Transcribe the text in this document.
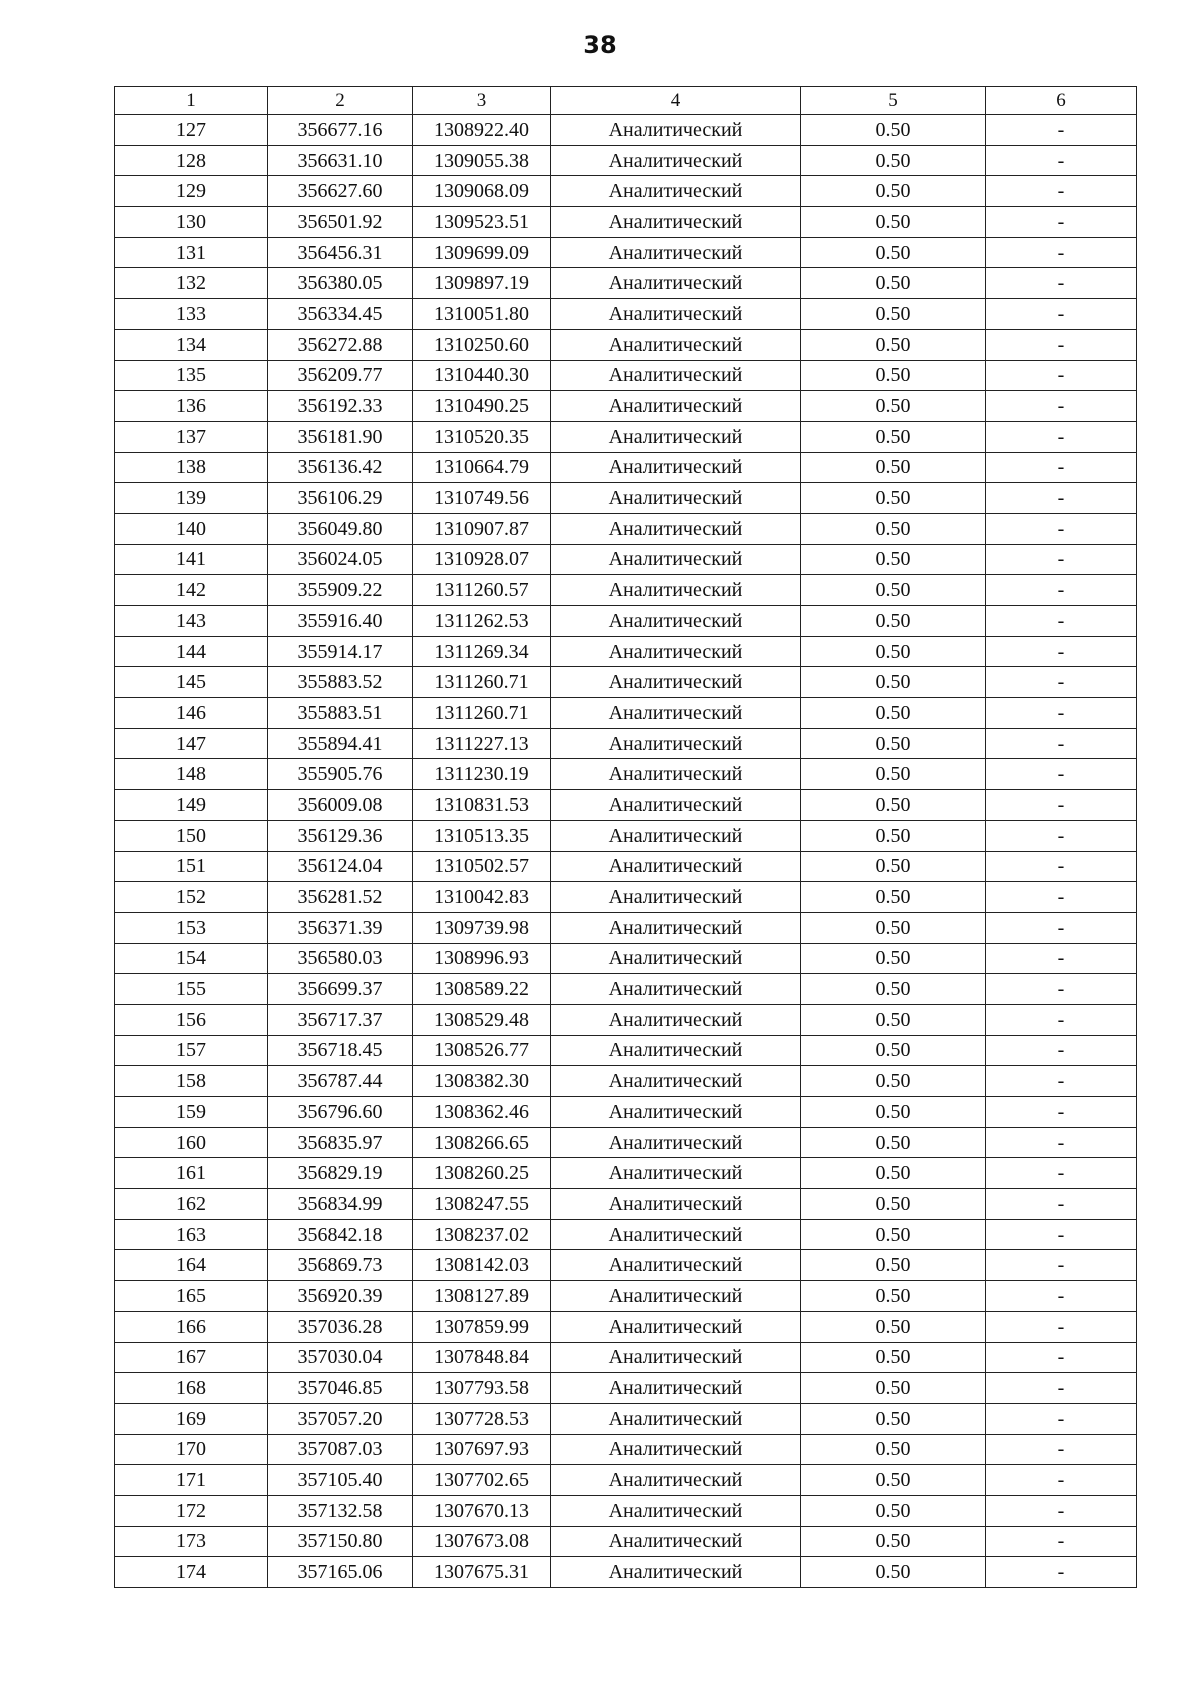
38
1	2	3	4	5	6
127	356677.16	1308922.40	Аналитический	0.50	-
128	356631.10	1309055.38	Аналитический	0.50	-
129	356627.60	1309068.09	Аналитический	0.50	-
130	356501.92	1309523.51	Аналитический	0.50	-
131	356456.31	1309699.09	Аналитический	0.50	-
132	356380.05	1309897.19	Аналитический	0.50	-
133	356334.45	1310051.80	Аналитический	0.50	-
134	356272.88	1310250.60	Аналитический	0.50	-
135	356209.77	1310440.30	Аналитический	0.50	-
136	356192.33	1310490.25	Аналитический	0.50	-
137	356181.90	1310520.35	Аналитический	0.50	-
138	356136.42	1310664.79	Аналитический	0.50	-
139	356106.29	1310749.56	Аналитический	0.50	-
140	356049.80	1310907.87	Аналитический	0.50	-
141	356024.05	1310928.07	Аналитический	0.50	-
142	355909.22	1311260.57	Аналитический	0.50	-
143	355916.40	1311262.53	Аналитический	0.50	-
144	355914.17	1311269.34	Аналитический	0.50	-
145	355883.52	1311260.71	Аналитический	0.50	-
146	355883.51	1311260.71	Аналитический	0.50	-
147	355894.41	1311227.13	Аналитический	0.50	-
148	355905.76	1311230.19	Аналитический	0.50	-
149	356009.08	1310831.53	Аналитический	0.50	-
150	356129.36	1310513.35	Аналитический	0.50	-
151	356124.04	1310502.57	Аналитический	0.50	-
152	356281.52	1310042.83	Аналитический	0.50	-
153	356371.39	1309739.98	Аналитический	0.50	-
154	356580.03	1308996.93	Аналитический	0.50	-
155	356699.37	1308589.22	Аналитический	0.50	-
156	356717.37	1308529.48	Аналитический	0.50	-
157	356718.45	1308526.77	Аналитический	0.50	-
158	356787.44	1308382.30	Аналитический	0.50	-
159	356796.60	1308362.46	Аналитический	0.50	-
160	356835.97	1308266.65	Аналитический	0.50	-
161	356829.19	1308260.25	Аналитический	0.50	-
162	356834.99	1308247.55	Аналитический	0.50	-
163	356842.18	1308237.02	Аналитический	0.50	-
164	356869.73	1308142.03	Аналитический	0.50	-
165	356920.39	1308127.89	Аналитический	0.50	-
166	357036.28	1307859.99	Аналитический	0.50	-
167	357030.04	1307848.84	Аналитический	0.50	-
168	357046.85	1307793.58	Аналитический	0.50	-
169	357057.20	1307728.53	Аналитический	0.50	-
170	357087.03	1307697.93	Аналитический	0.50	-
171	357105.40	1307702.65	Аналитический	0.50	-
172	357132.58	1307670.13	Аналитический	0.50	-
173	357150.80	1307673.08	Аналитический	0.50	-
174	357165.06	1307675.31	Аналитический	0.50	-
